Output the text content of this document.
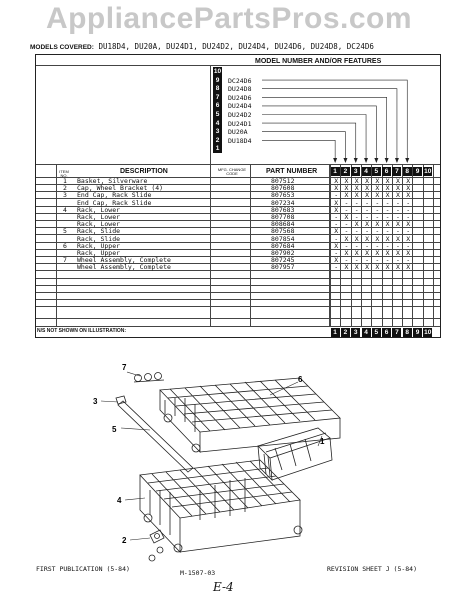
AppliancePartsPros.com
MODELS COVERED: DU18D4, DU20A, DU24D1, DU24D2, DU24D4, DU24D6, DU24D8, DC24D6
MODEL NUMBER AND/OR FEATURES
10
9	DC24D6
8	DU24D8
7	DU24D6
6	DU24D4
5	DU24D2
4	DU24D1
3	DU20A
2	DU18D4
1
ITEM NO.
DESCRIPTION	MFG. CHANGE CODE	PART NUMBER	1	2	3	4	5	6	7	8	9 10
1	Basket, Silverware	807512	X X X X X X X X
2	Cap, Wheel Bracket (4)	807608	X X X X X X X X
3	End Cap, Rack Slide	807653	- X X X X X X X
End Cap, Rack Slide	807234	X - - - - - - -
4	Rack, Lower	807683	X - - - - - - -
Rack, Lower	807708	- X - - - - - -
Rack, Lower	808684	- - X X X X X X
5	Rack, Slide	807568	X - - - - - - -
Rack, Slide	807854	- X X X X X X X
6	Rack, Upper	807684	X - - - - - - -
Rack, Upper	807902	- X X X X X X X
7	Wheel Assembly, Complete	807245	X - - - - - - -
Wheel Assembly, Complete	807957	- X X X X X X X
N/S NOT SHOWN ON ILLUSTRATION:	1	2	3	4	5	6	7	8	9 10
7
3
5
4
2
6
1
FIRST PUBLICATION (5-84)	M-1507-03	REVISION SHEET J (5-84)
E-4
